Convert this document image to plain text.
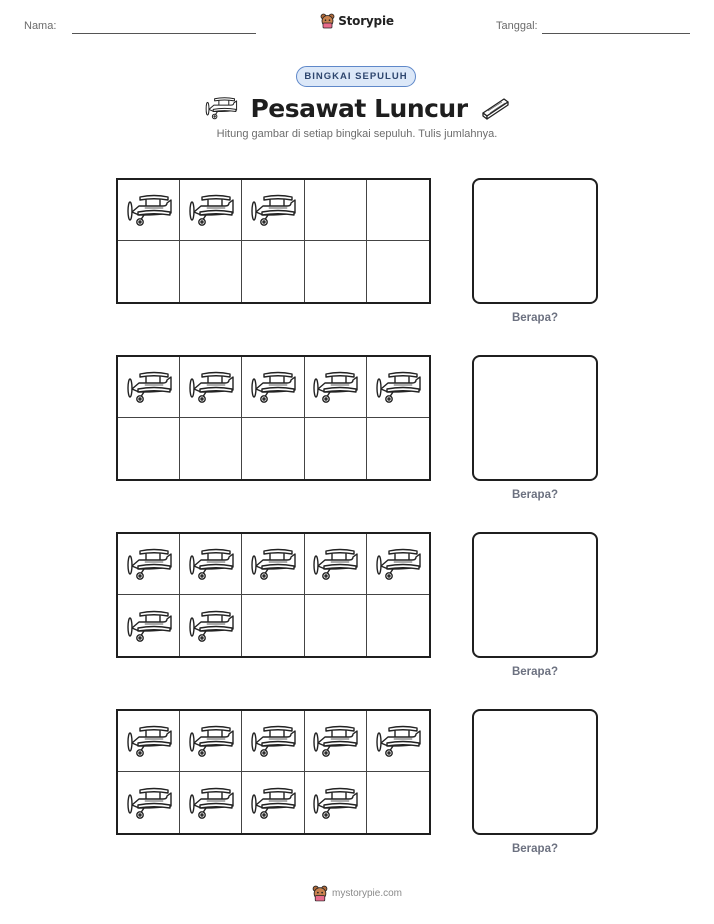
Nama:	Storypie	Tanggal:
BINGKAI SEPULUH
Pesawat Luncur
Hitung gambar di setiap bingkai sepuluh. Tulis jumlahnya.
Berapa?
Berapa?
Berapa?
Berapa?
mystorypie.com
